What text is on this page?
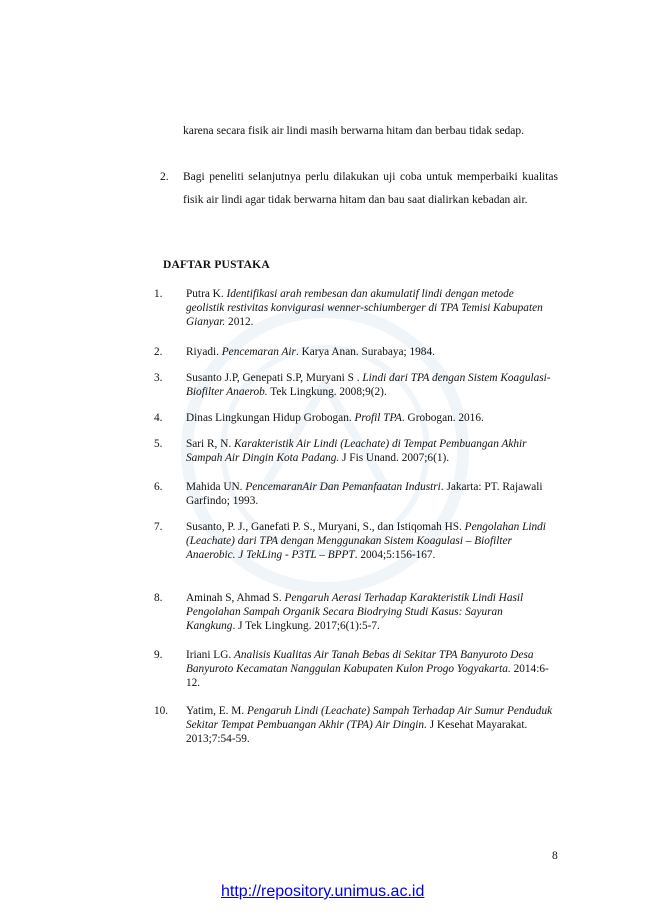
karena secara fisik air lindi masih berwarna hitam dan berbau tidak sedap.
2. Bagi peneliti selanjutnya perlu dilakukan uji coba untuk memperbaiki kualitas fisik air lindi agar tidak berwarna hitam dan bau saat dialirkan kebadan air.
DAFTAR PUSTAKA
1. Putra K. Identifikasi arah rembesan dan akumulatif lindi dengan metode geolistik restivitas konvigurasi wenner-schiumberger di TPA Temisi Kabupaten Gianyar. 2012.
2. Riyadi. Pencemaran Air. Karya Anan. Surabaya; 1984.
3. Susanto J.P, Genepati S.P, Muryani S . Lindi dari TPA dengan Sistem Koagulasi-Biofilter Anaerob. Tek Lingkung. 2008;9(2).
4. Dinas Lingkungan Hidup Grobogan. Profil TPA. Grobogan. 2016.
5. Sari R, N. Karakteristik Air Lindi (Leachate) di Tempat Pembuangan Akhir Sampah Air Dingin Kota Padang. J Fis Unand. 2007;6(1).
6. Mahida UN. PencemaranAir Dan Pemanfaatan Industri. Jakarta: PT. Rajawali Garfindo; 1993.
7. Susanto, P. J., Ganefati P. S., Muryani, S., dan Istiqomah HS. Pengolahan Lindi (Leachate) dari TPA dengan Menggunakan Sistem Koagulasi – Biofilter Anaerobic. J TekLing - P3TL – BPPT. 2004;5:156-167.
8. Aminah S, Ahmad S. Pengaruh Aerasi Terhadap Karakteristik Lindi Hasil Pengolahan Sampah Organik Secara Biodrying Studi Kasus: Sayuran Kangkung. J Tek Lingkung. 2017;6(1):5-7.
9. Iriani LG. Analisis Kualitas Air Tanah Bebas di Sekitar TPA Banyuroto Desa Banyuroto Kecamatan Nanggulan Kabupaten Kulon Progo Yogyakarta. 2014:6-12.
10. Yatim, E. M. Pengaruh Lindi (Leachate) Sampah Terhadap Air Sumur Penduduk Sekitar Tempat Pembuangan Akhir (TPA) Air Dingin. J Kesehat Mayarakat. 2013;7:54-59.
8
http://repository.unimus.ac.id
